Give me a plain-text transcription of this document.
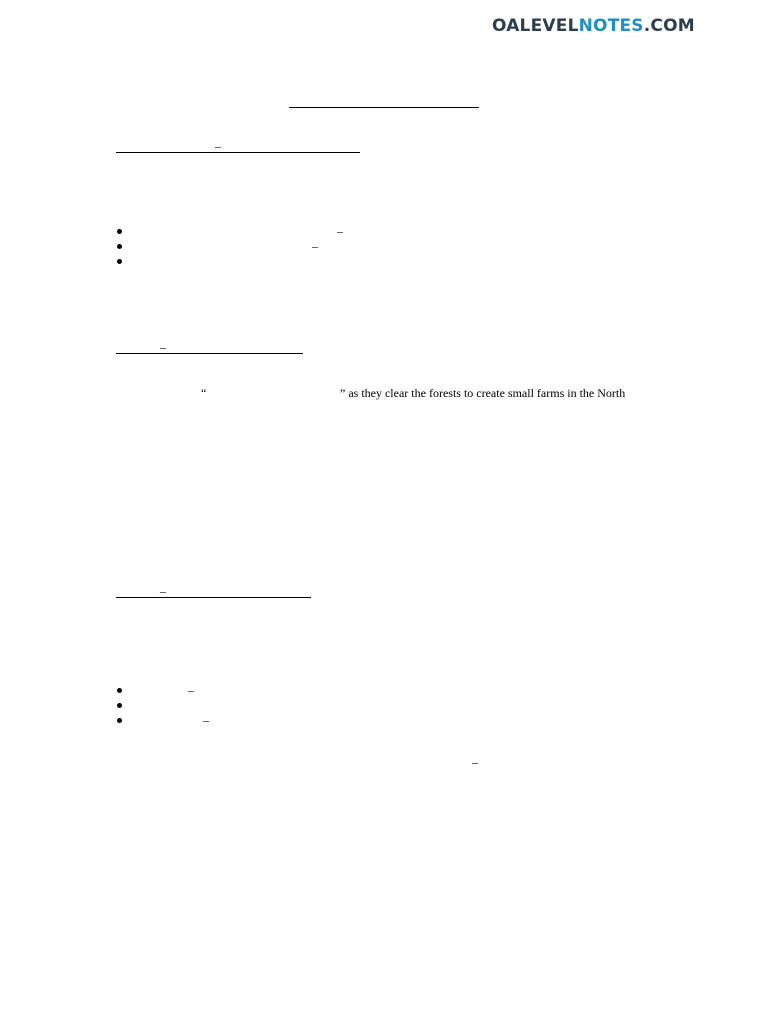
OALEVELNOTES.COM
–
–
–
–
“	” as they clear the forests to create small farms in the North
–
–
–
–
